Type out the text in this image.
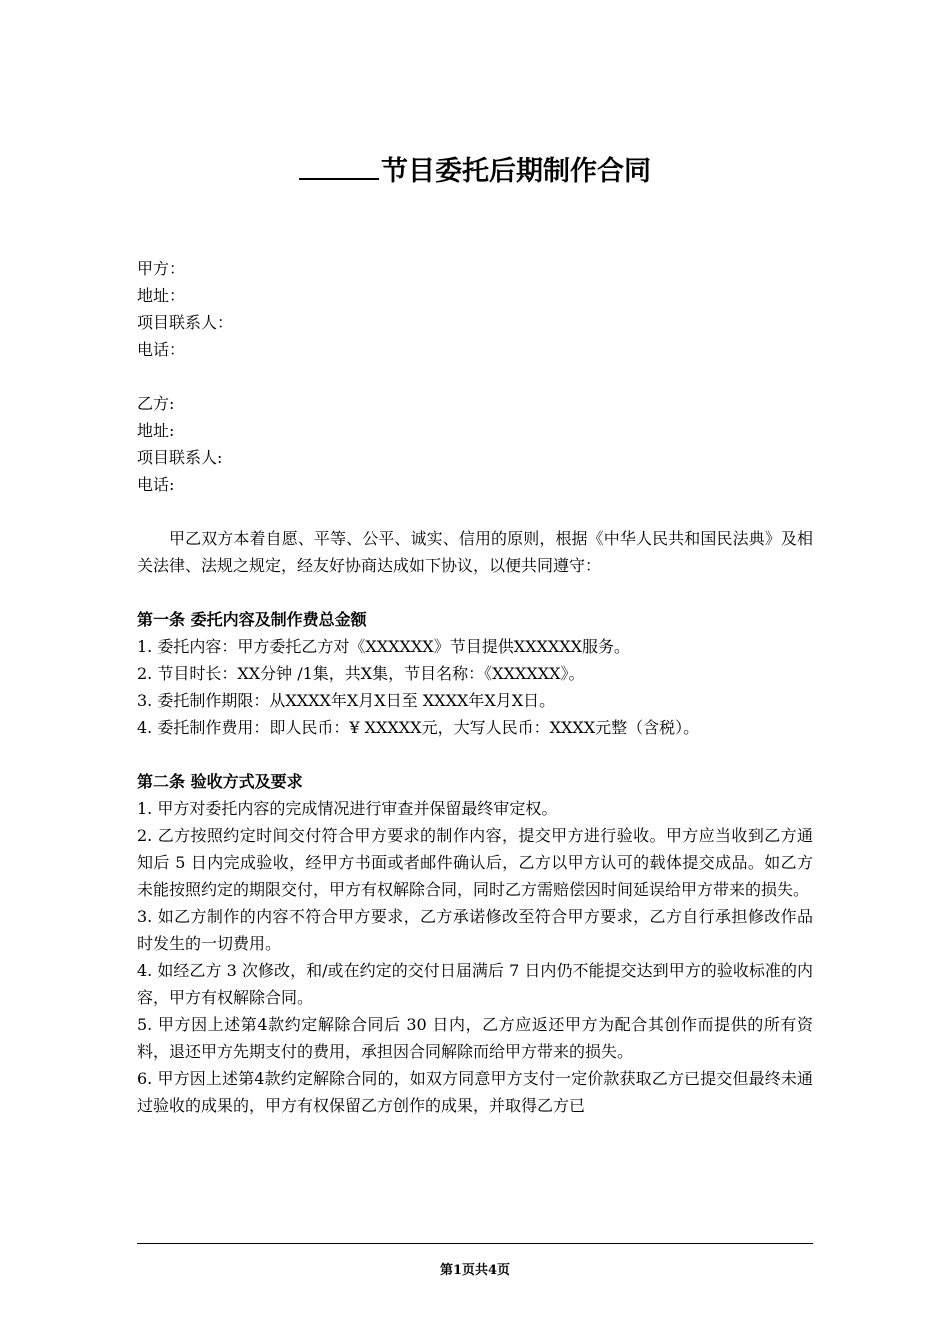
节目委托后期制作合同
甲方：
地址：
项目联系人：
电话：
乙方:
地址:
项目联系人:
电话:

甲乙双方本着自愿、平等、公平、诚实、信用的原则，根据《中华人民共和国民法典》及相关法律、法规之规定，经友好协商达成如下协议，以便共同遵守：

第一条 委托内容及制作费总金额

1. 委托内容：甲方委托乙方对《XXXXXX》节目提供XXXXXX服务。

2. 节目时长：XX分钟 /1集，共X集，节目名称：《XXXXXX》。

3. 委托制作期限：从XXXX年X月X日至 XXXX年X月X日。

4. 委托制作费用：即人民币：¥ XXXXX元，大写人民币：XXXX元整（含税）。

第二条 验收方式及要求

1. 甲方对委托内容的完成情况进行审查并保留最终审定权。

2. 乙方按照约定时间交付符合甲方要求的制作内容，提交甲方进行验收。甲方应当收到乙方通知后 5 日内完成验收，经甲方书面或者邮件确认后，乙方以甲方认可的载体提交成品。如乙方未能按照约定的期限交付，甲方有权解除合同，同时乙方需赔偿因时间延误给甲方带来的损失。

3. 如乙方制作的内容不符合甲方要求，乙方承诺修改至符合甲方要求，乙方自行承担修改作品时发生的一切费用。

4. 如经乙方 3 次修改，和/或在约定的交付日届满后 7 日内仍不能提交达到甲方的验收标准的内容，甲方有权解除合同。

5. 甲方因上述第4款约定解除合同后 30 日内，乙方应返还甲方为配合其创作而提供的所有资料，退还甲方先期支付的费用，承担因合同解除而给甲方带来的损失。

6. 甲方因上述第4款约定解除合同的，如双方同意甲方支付一定价款获取乙方已提交但最终未通过验收的成果的，甲方有权保留乙方创作的成果，并取得乙方已

第1页共4页
